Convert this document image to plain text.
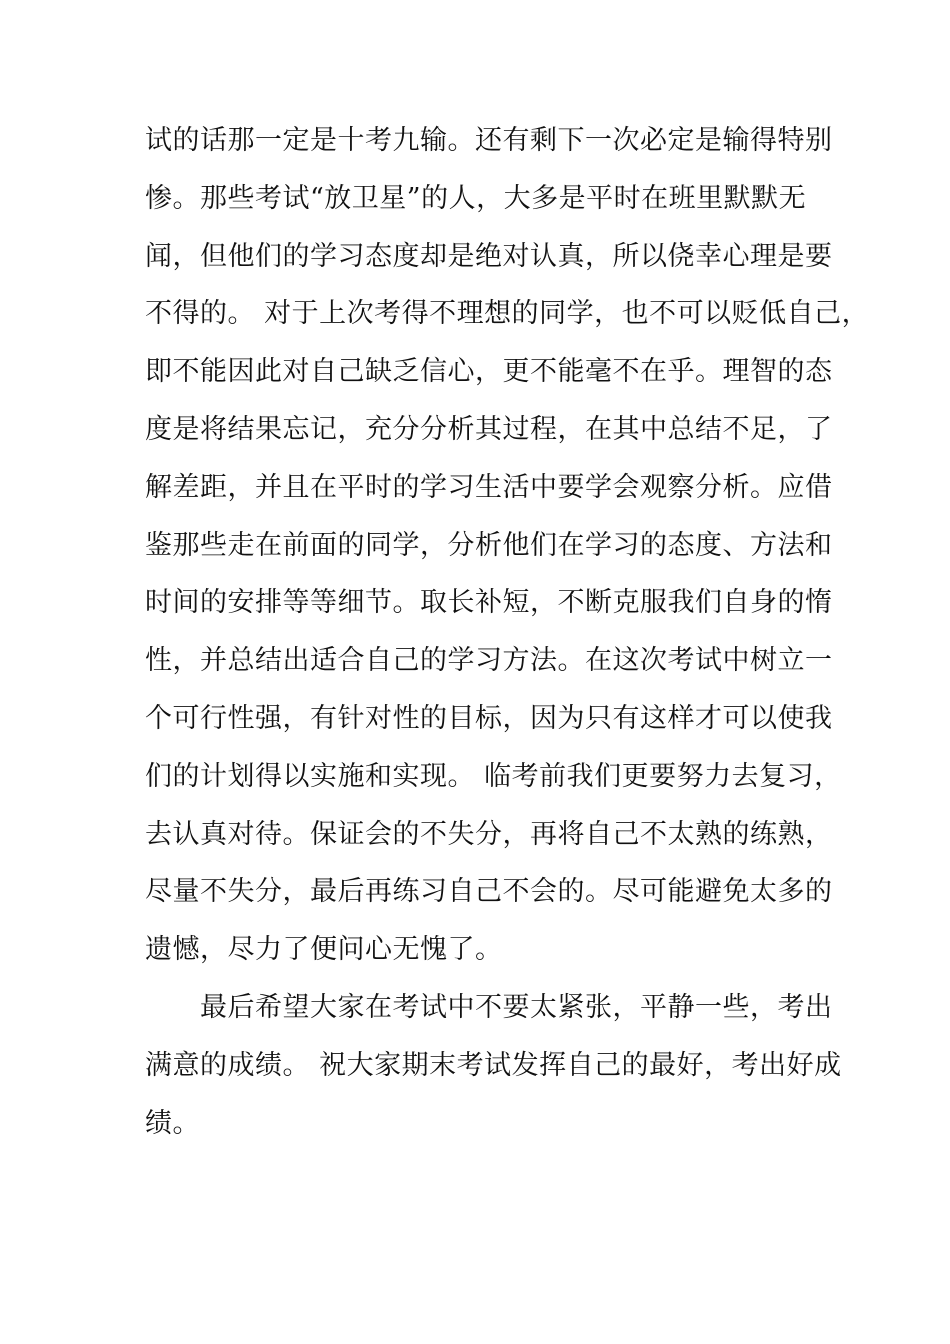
试的话那一定是十考九输。还有剩下一次必定是输得特别
惨。那些考试“放卫星”的人，大多是平时在班里默默无
闻，但他们的学习态度却是绝对认真，所以侥幸心理是要
不得的。 对于上次考得不理想的同学，也不可以贬低自己，
即不能因此对自己缺乏信心，更不能毫不在乎。理智的态
度是将结果忘记，充分分析其过程，在其中总结不足，了
解差距，并且在平时的学习生活中要学会观察分析。应借
鉴那些走在前面的同学，分析他们在学习的态度、方法和
时间的安排等等细节。取长补短，不断克服我们自身的惰
性，并总结出适合自己的学习方法。在这次考试中树立一
个可行性强，有针对性的目标，因为只有这样才可以使我
们的计划得以实施和实现。 临考前我们更要努力去复习，
去认真对待。保证会的不失分，再将自己不太熟的练熟，
尽量不失分，最后再练习自己不会的。尽可能避免太多的
遗憾，尽力了便问心无愧了。
　　最后希望大家在考试中不要太紧张，平静一些，考出
满意的成绩。 祝大家期末考试发挥自己的最好，考出好成
绩。
